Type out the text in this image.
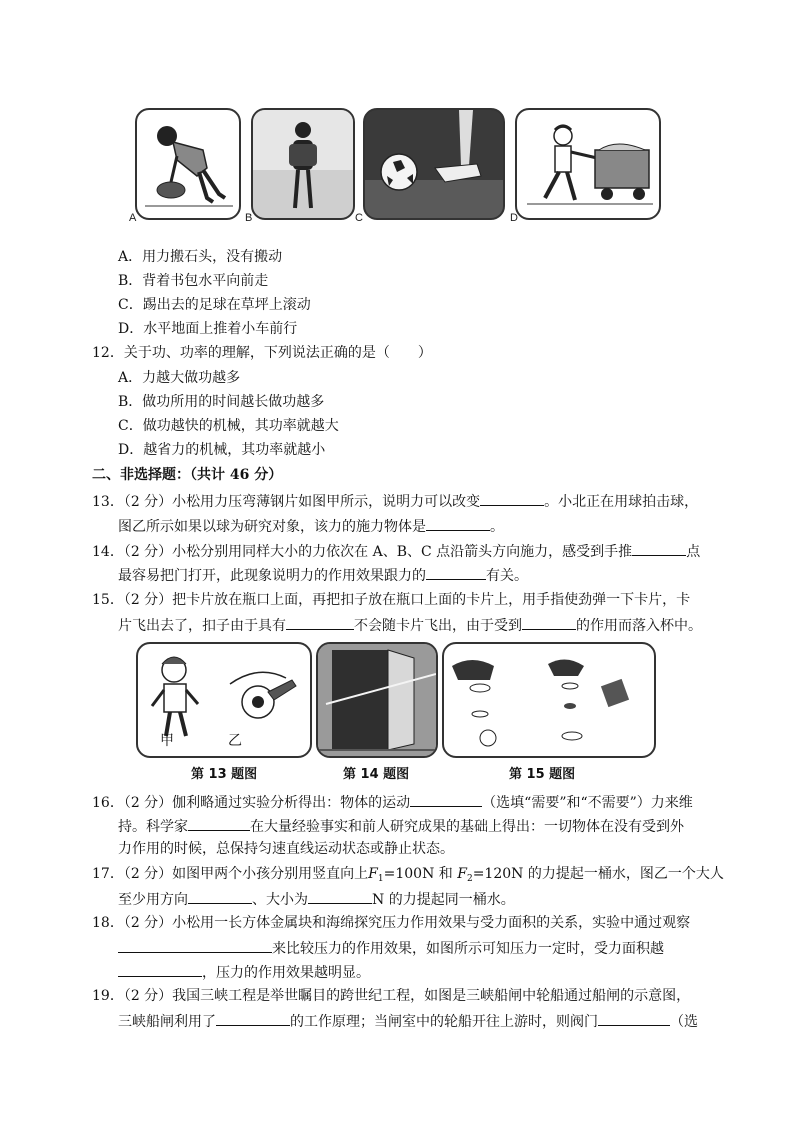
A	B	C	D
A．用力搬石头，没有搬动
B．背着书包水平向前走
C．踢出去的足球在草坪上滚动
D．水平地面上推着小车前行
12．关于功、功率的理解，下列说法正确的是（　　）
A．力越大做功越多
B．做功所用的时间越长做功越多
C．做功越快的机械，其功率就越大
D．越省力的机械，其功率就越小
二、非选择题：（共计 46 分）
13．（2 分）小松用力压弯薄钢片如图甲所示，说明力可以改变	。小北正在用球拍击球，
图乙所示如果以球为研究对象，该力的施力物体是	。
14．（2 分）小松分别用同样大小的力依次在 A、B、C 点沿箭头方向施力，感受到手推	点
最容易把门打开，此现象说明力的作用效果跟力的	有关。
15．（2 分）把卡片放在瓶口上面，再把扣子放在瓶口上面的卡片上，用手指使劲弹一下卡片，卡
片飞出去了，扣子由于具有	不会随卡片飞出，由于受到	的作用而落入杯中。
甲	乙
第 13 题图	第 14 题图	第 15 题图
16．（2 分）伽利略通过实验分析得出：物体的运动	（选填“需要”和“不需要”）力来维
持。科学家	在大量经验事实和前人研究成果的基础上得出：一切物体在没有受到外
力作用的时候，总保持匀速直线运动状态或静止状态。
17．（2 分）如图甲两个小孩分别用竖直向上$F_1=100N$ 和 $F_2=120N$ 的力提起一桶水，图乙一个大人
至少用方向	、大小为	N 的力提起同一桶水。
18．（2 分）小松用一长方体金属块和海绵探究压力作用效果与受力面积的关系，实验中通过观察
来比较压力的作用效果，如图所示可知压力一定时，受力面积越
，压力的作用效果越明显。
19．（2 分）我国三峡工程是举世瞩目的跨世纪工程，如图是三峡船闸中轮船通过船闸的示意图，
三峡船闸利用了	的工作原理；当闸室中的轮船开往上游时，则阀门	（选
